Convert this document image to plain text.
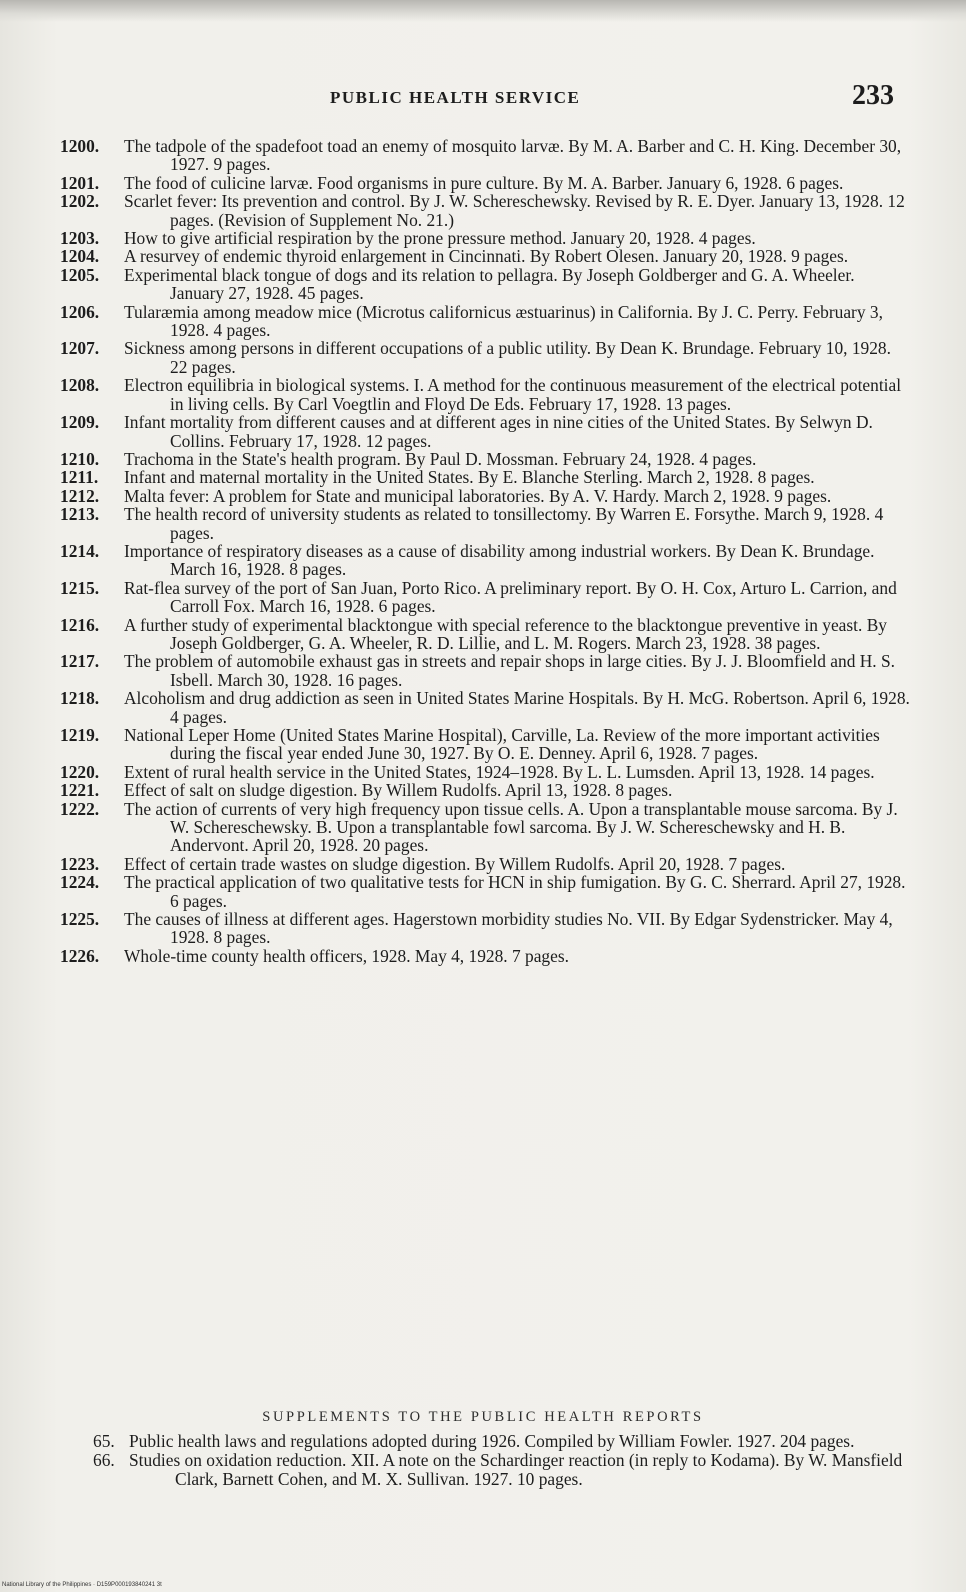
PUBLIC HEALTH SERVICE	233

1200. The tadpole of the spadefoot toad an enemy of mosquito larvæ. By M. A. Barber and C. H. King. December 30, 1927. 9 pages.

1201. The food of culicine larvæ. Food organisms in pure culture. By M. A. Barber. January 6, 1928. 6 pages.

1202. Scarlet fever: Its prevention and control. By J. W. Schereschewsky. Revised by R. E. Dyer. January 13, 1928. 12 pages. (Revision of Supplement No. 21.)

1203. How to give artificial respiration by the prone pressure method. January 20, 1928. 4 pages.

1204. A resurvey of endemic thyroid enlargement in Cincinnati. By Robert Olesen. January 20, 1928. 9 pages.

1205. Experimental black tongue of dogs and its relation to pellagra. By Joseph Goldberger and G. A. Wheeler. January 27, 1928. 45 pages.

1206. Tularæmia among meadow mice (Microtus californicus æstuarinus) in California. By J. C. Perry. February 3, 1928. 4 pages.

1207. Sickness among persons in different occupations of a public utility. By Dean K. Brundage. February 10, 1928. 22 pages.

1208. Electron equilibria in biological systems. I. A method for the continuous measurement of the electrical potential in living cells. By Carl Voegtlin and Floyd De Eds. February 17, 1928. 13 pages.

1209. Infant mortality from different causes and at different ages in nine cities of the United States. By Selwyn D. Collins. February 17, 1928. 12 pages.

1210. Trachoma in the State's health program. By Paul D. Mossman. February 24, 1928. 4 pages.

1211. Infant and maternal mortality in the United States. By E. Blanche Sterling. March 2, 1928. 8 pages.

1212. Malta fever: A problem for State and municipal laboratories. By A. V. Hardy. March 2, 1928. 9 pages.

1213. The health record of university students as related to tonsillectomy. By Warren E. Forsythe. March 9, 1928. 4 pages.

1214. Importance of respiratory diseases as a cause of disability among industrial workers. By Dean K. Brundage. March 16, 1928. 8 pages.

1215. Rat-flea survey of the port of San Juan, Porto Rico. A preliminary report. By O. H. Cox, Arturo L. Carrion, and Carroll Fox. March 16, 1928. 6 pages.

1216. A further study of experimental blacktongue with special reference to the blacktongue preventive in yeast. By Joseph Goldberger, G. A. Wheeler, R. D. Lillie, and L. M. Rogers. March 23, 1928. 38 pages.

1217. The problem of automobile exhaust gas in streets and repair shops in large cities. By J. J. Bloomfield and H. S. Isbell. March 30, 1928. 16 pages.

1218. Alcoholism and drug addiction as seen in United States Marine Hospitals. By H. McG. Robertson. April 6, 1928. 4 pages.

1219. National Leper Home (United States Marine Hospital), Carville, La. Review of the more important activities during the fiscal year ended June 30, 1927. By O. E. Denney. April 6, 1928. 7 pages.

1220. Extent of rural health service in the United States, 1924–1928. By L. L. Lumsden. April 13, 1928. 14 pages.

1221. Effect of salt on sludge digestion. By Willem Rudolfs. April 13, 1928. 8 pages.

1222. The action of currents of very high frequency upon tissue cells. A. Upon a transplantable mouse sarcoma. By J. W. Schereschewsky. B. Upon a transplantable fowl sarcoma. By J. W. Schereschewsky and H. B. Andervont. April 20, 1928. 20 pages.

1223. Effect of certain trade wastes on sludge digestion. By Willem Rudolfs. April 20, 1928. 7 pages.

1224. The practical application of two qualitative tests for HCN in ship fumigation. By G. C. Sherrard. April 27, 1928. 6 pages.

1225. The causes of illness at different ages. Hagerstown morbidity studies No. VII. By Edgar Sydenstricker. May 4, 1928. 8 pages.

1226. Whole-time county health officers, 1928. May 4, 1928. 7 pages.

SUPPLEMENTS TO THE PUBLIC HEALTH REPORTS

65. Public health laws and regulations adopted during 1926. Compiled by William Fowler. 1927. 204 pages.

66. Studies on oxidation reduction. XII. A note on the Schardinger reaction (in reply to Kodama). By W. Mansfield Clark, Barnett Cohen, and M. X. Sullivan. 1927. 10 pages.

National Library of the Philippines · D159P000193840241 3t
